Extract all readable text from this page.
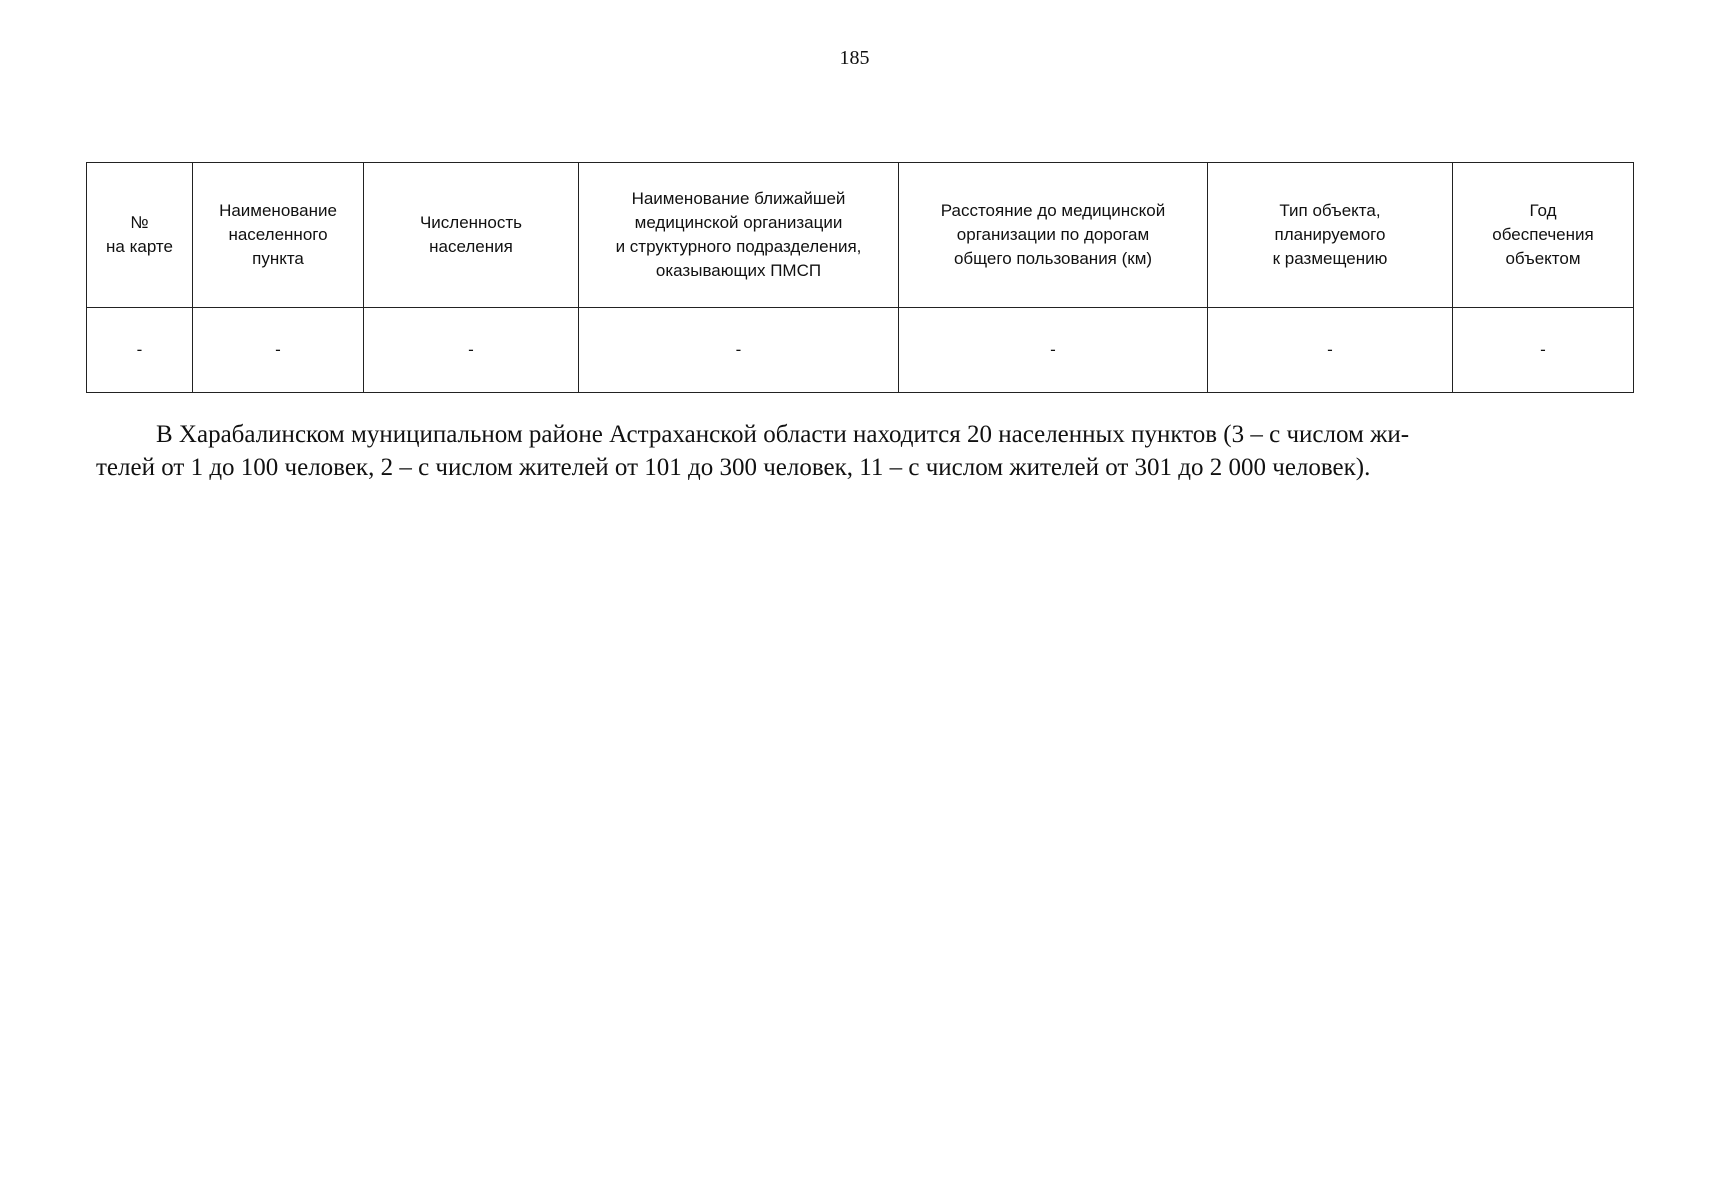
185
№
на карте	Наименование
населенного
пункта	Численность
населения	Наименование ближайшей
медицинской организации
и структурного подразделения,
оказывающих ПМСП	Расстояние до медицинской
организации по дорогам
общего пользования (км)	Тип объекта,
планируемого
к размещению	Год
обеспечения
объектом

-	-	-	-	-	-	-
В Харабалинском муниципальном районе Астраханской области находится 20 населенных пунктов (3 – с числом жи-
телей от 1 до 100 человек, 2 – с числом жителей от 101 до 300 человек, 11 – с числом жителей от 301 до 2 000 человек).
